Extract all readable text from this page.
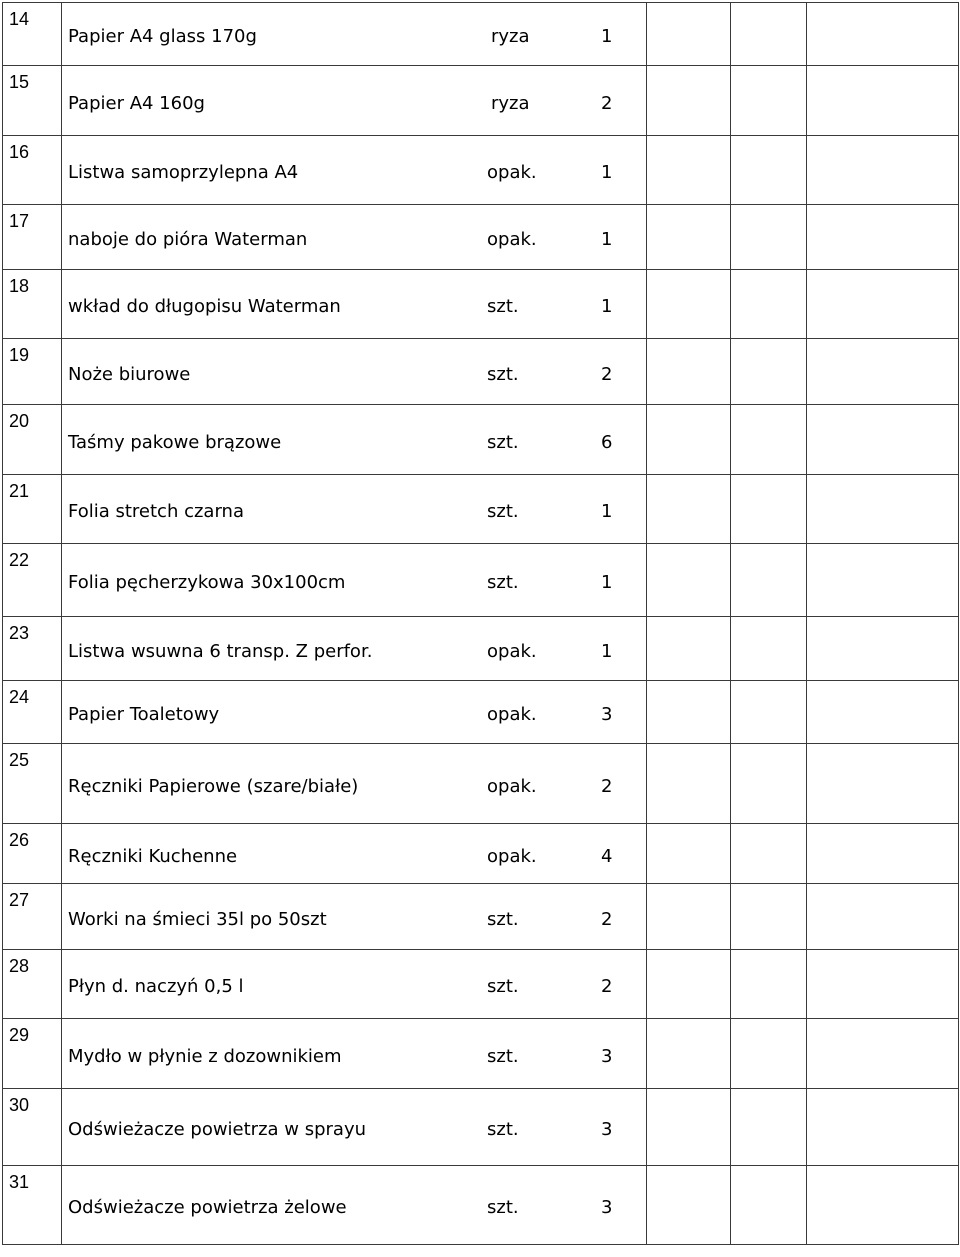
14	Papier A4 glass 170g ryza	1		

15	Papier A4 160g ryza	2		

16	Listwa samoprzylepna A4 opak.	1		

17	naboje do pióra Waterman opak.	1		

18	wkład do długopisu Waterman szt.	1		

19	Noże biurowe szt.	2		

20	Taśmy pakowe brązowe szt.	6		

21	Folia stretch czarna szt.	1		

22	Folia pęcherzykowa 30x100cm szt.	1		

23	Listwa wsuwna 6 transp. Z perfor. opak.	1		

24	Papier Toaletowy opak.	3		

25	Ręczniki Papierowe (szare/białe) opak.	2		

26	Ręczniki Kuchenne opak.	4		

27	Worki na śmieci 35l po 50szt szt.	2		

28	Płyn d. naczyń 0,5 l szt.	2		

29	Mydło w płynie z dozownikiem szt.	3		

30	Odświeżacze powietrza w sprayu szt.	3		

31	Odświeżacze powietrza żelowe szt.	3		
